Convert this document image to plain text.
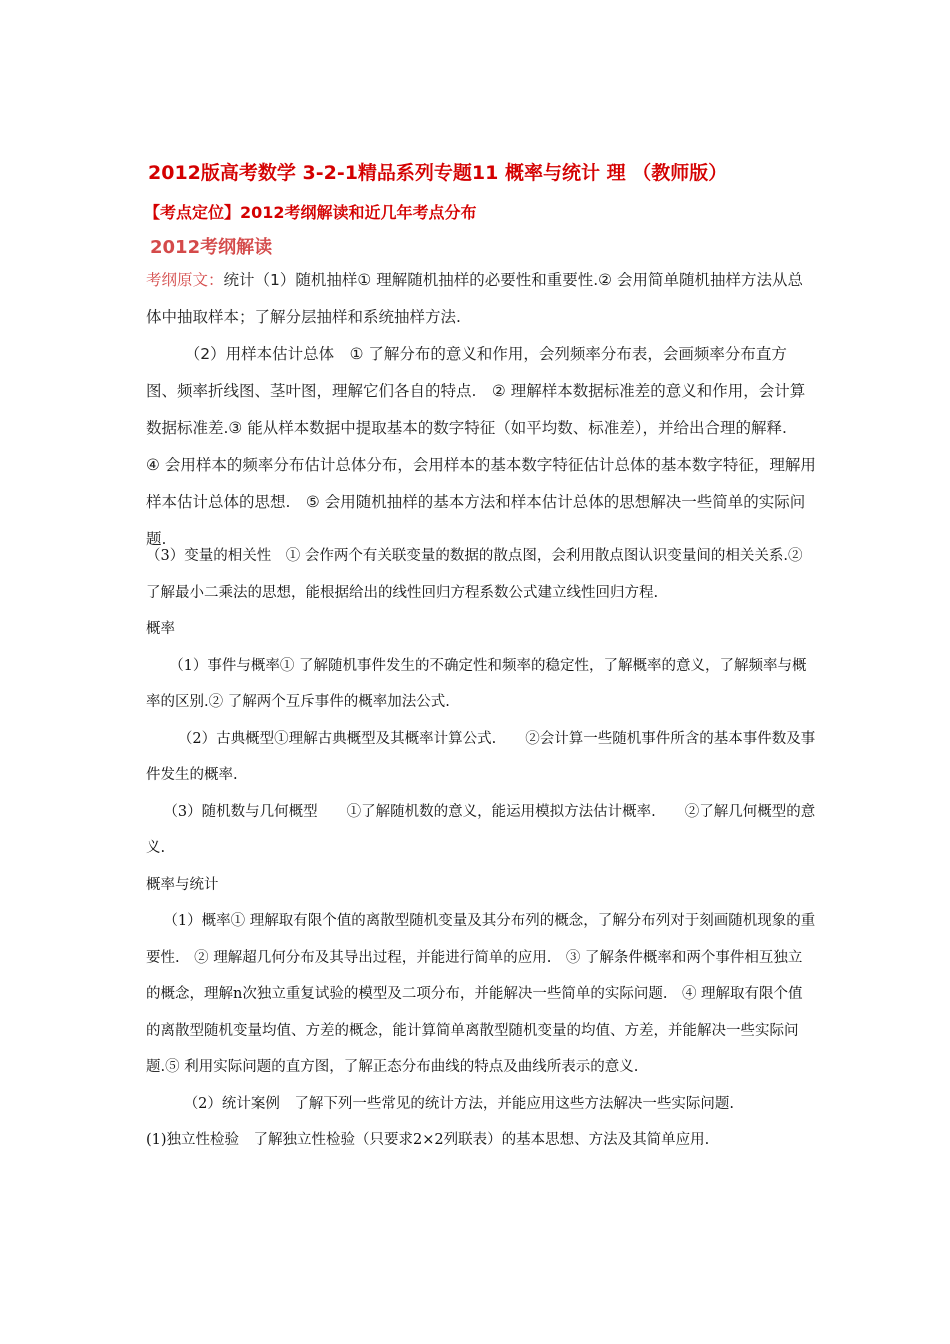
2012版高考数学 3-2-1精品系列专题11 概率与统计 理 （教师版）
【考点定位】2012考纲解读和近几年考点分布
2012考纲解读

考纲原文：统计（1）随机抽样① 理解随机抽样的必要性和重要性.② 会用简单随机抽样方法从总体中抽取样本；了解分层抽样和系统抽样方法.

（2）用样本估计总体　① 了解分布的意义和作用，会列频率分布表，会画频率分布直方图、频率折线图、茎叶图，理解它们各自的特点.　② 理解样本数据标准差的意义和作用，会计算数据标准差.③ 能从样本数据中提取基本的数字特征（如平均数、标准差），并给出合理的解释.　④ 会用样本的频率分布估计总体分布，会用样本的基本数字特征估计总体的基本数字特征，理解用样本估计总体的思想.　⑤ 会用随机抽样的基本方法和样本估计总体的思想解决一些简单的实际问题.

（3）变量的相关性　① 会作两个有关联变量的数据的散点图，会利用散点图认识变量间的相关关系.② 了解最小二乘法的思想，能根据给出的线性回归方程系数公式建立线性回归方程.

概率

（1）事件与概率① 了解随机事件发生的不确定性和频率的稳定性，了解概率的意义，了解频率与概率的区别.② 了解两个互斥事件的概率加法公式.

（2）古典概型①理解古典概型及其概率计算公式.　　②会计算一些随机事件所含的基本事件数及事件发生的概率.

（3）随机数与几何概型　　①了解随机数的意义，能运用模拟方法估计概率.　　②了解几何概型的意义.

概率与统计

（1）概率① 理解取有限个值的离散型随机变量及其分布列的概念，了解分布列对于刻画随机现象的重要性.　② 理解超几何分布及其导出过程，并能进行简单的应用.　③ 了解条件概率和两个事件相互独立的概念，理解n次独立重复试验的模型及二项分布，并能解决一些简单的实际问题.　④ 理解取有限个值的离散型随机变量均值、方差的概念，能计算简单离散型随机变量的均值、方差，并能解决一些实际问题.⑤ 利用实际问题的直方图，了解正态分布曲线的特点及曲线所表示的意义.

（2）统计案例　了解下列一些常见的统计方法，并能应用这些方法解决一些实际问题.

(1)独立性检验　了解独立性检验（只要求2×2列联表）的基本思想、方法及其简单应用.
